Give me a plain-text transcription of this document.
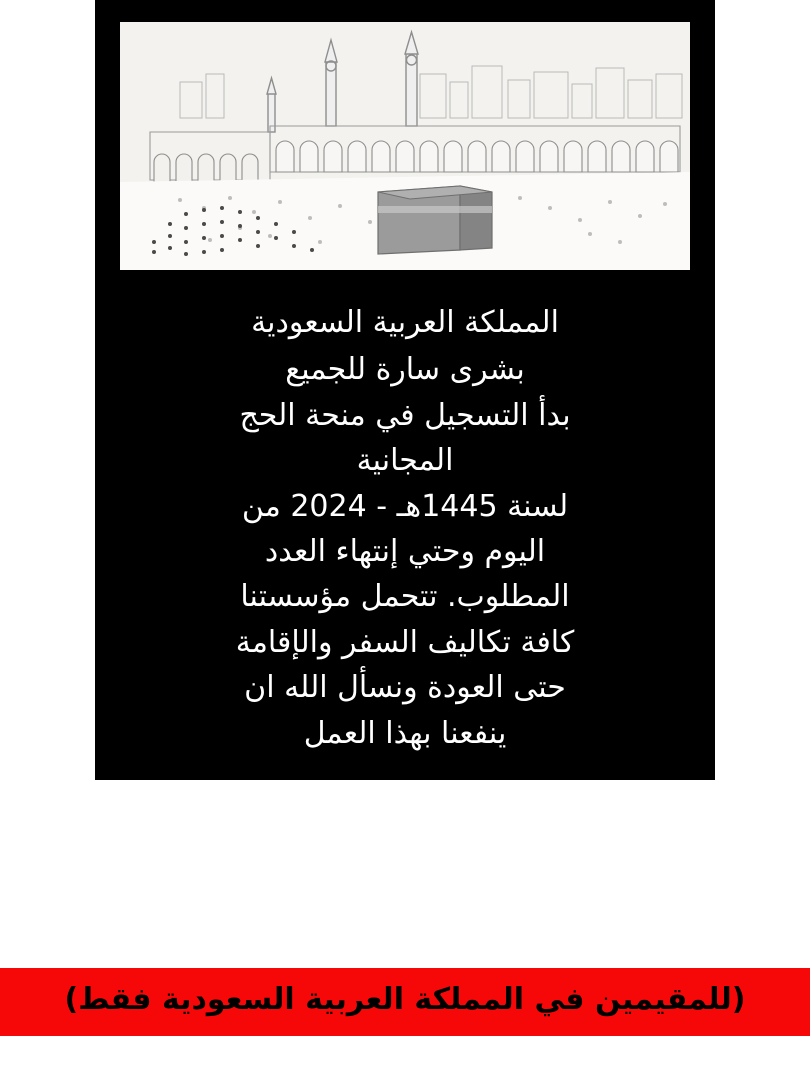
المملكة العربية السعودية

بشرى سارة للجميع

بدأ التسجيل في منحة الحج

المجانية

لسنة 1445هـ - 2024 من

اليوم وحتي إنتهاء العدد

المطلوب. تتحمل مؤسستنا

كافة تكاليف السفر والإقامة

حتى العودة ونسأل الله ان

ينفعنا بهذا العمل

(للمقيمين في المملكة العربية السعودية فقط)
